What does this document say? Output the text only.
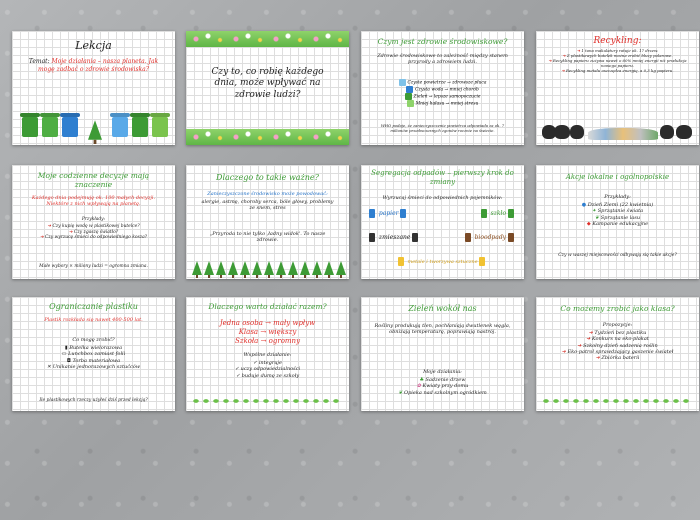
Lekcja
Temat: Moje działania – nasza planeta. Jak mogę zadbać o zdrowie środowiska?	Czy to, co robię każdego dnia, może wpływać na zdrowie ludzi?
Czym jest zdrowie środowiskowe?
Zdrowie środowiskowe to zależność między stanem przyrody a zdrowiem ludzi.
Czyste powietrze → zdrowsze płuca
Czysta woda → mniej chorób
Zieleń → lepsze samopoczucie
Mniej hałasu → mniej stresu
WHO podaje, że zanieczyszczenie powietrza odpowiada za ok. 7 milionów przedwczesnych zgonów rocznie na świecie.
Recykling:
➜ 1 tona makulatury ratuje ok. 17 drzew.
➜ Z plastikowych butelek można zrobić bluzy polarowe.
➜ Recykling papieru zużywa nawet o 60% mniej energii niż produkcja nowego papieru.
➜ Recykling metalu oszczędza energię, a 0,3 kg papieru.
Moje codzienne decyzje mają znaczenie
Każdego dnia podejmuję ok. 100 małych decyzji. Niektóre z nich wpływają na planetę.
Przykłady:
➜ Czy kupię wodę w plastikowej butelce?
➜ Czy zgaszę światło?
➜ Czy wyrzucę śmieci do odpowiedniego kosza?
Małe wybory × miliony ludzi = ogromna zmiana.
Dlaczego to takie ważne?
Zanieczyszczone środowisko może powodować:
alergie, astmę, choroby serca, bóle głowy, problemy ze snem, stres
„Przyroda to nie tylko ‚ładny widok'. To nasze zdrowie.
Segregacja odpadów – pierwszy krok do zmiany
Wyrzucaj śmieci do odpowiednich pojemników:
papier	szkło
zmieszane	bioodpady
metale i tworzywa sztuczne
Akcje lokalne i ogólnopolskie
Przykłady:
● Dzień Ziemi (22 kwietnia)
✦ Sprzątanie świata
❦ Sprzątanie lasu
◆ Kampanie edukacyjne
Czy w waszej miejscowości odbywają się takie akcje?
Ograniczanie plastiku
Plastik rozkłada się nawet 400-500 lat.
Co mogę zrobić?
▮ Butelka wielorazowa
▭ Lunchbox zamiast folii
◘ Torba materiałowa
✕ Unikanie jednorazowych sztućców
Ile plastikowych rzeczy użyłeś dziś przed lekcją?
Dlaczego warto działać razem?
Jedna osoba → mały wpływ
Klasa → większy
Szkoła → ogromny
Wspólne działanie:
✓ integruje
✓ uczy odpowiedzialności
✓ buduje dumę ze szkoły
Zieleń wokół nas
Rośliny produkują tlen, pochłaniają dwutlenek węgla, obniżają temperaturę, poprawiają nastrój.
Moje działania:
♣ Sadzenie drzew
✿ Kwiaty przy domu
❦ Opieka nad szkolnym ogródkiem
Co możemy zrobić jako klasa?
Propozycje:
➜ Tydzień bez plastiku
➜ Konkurs na eko-plakat
➜ Szkolny dzień sadzenia roślin
➜ Eko-patrol sprawdzający gaszenie świateł
➜ Zbiórka baterii
